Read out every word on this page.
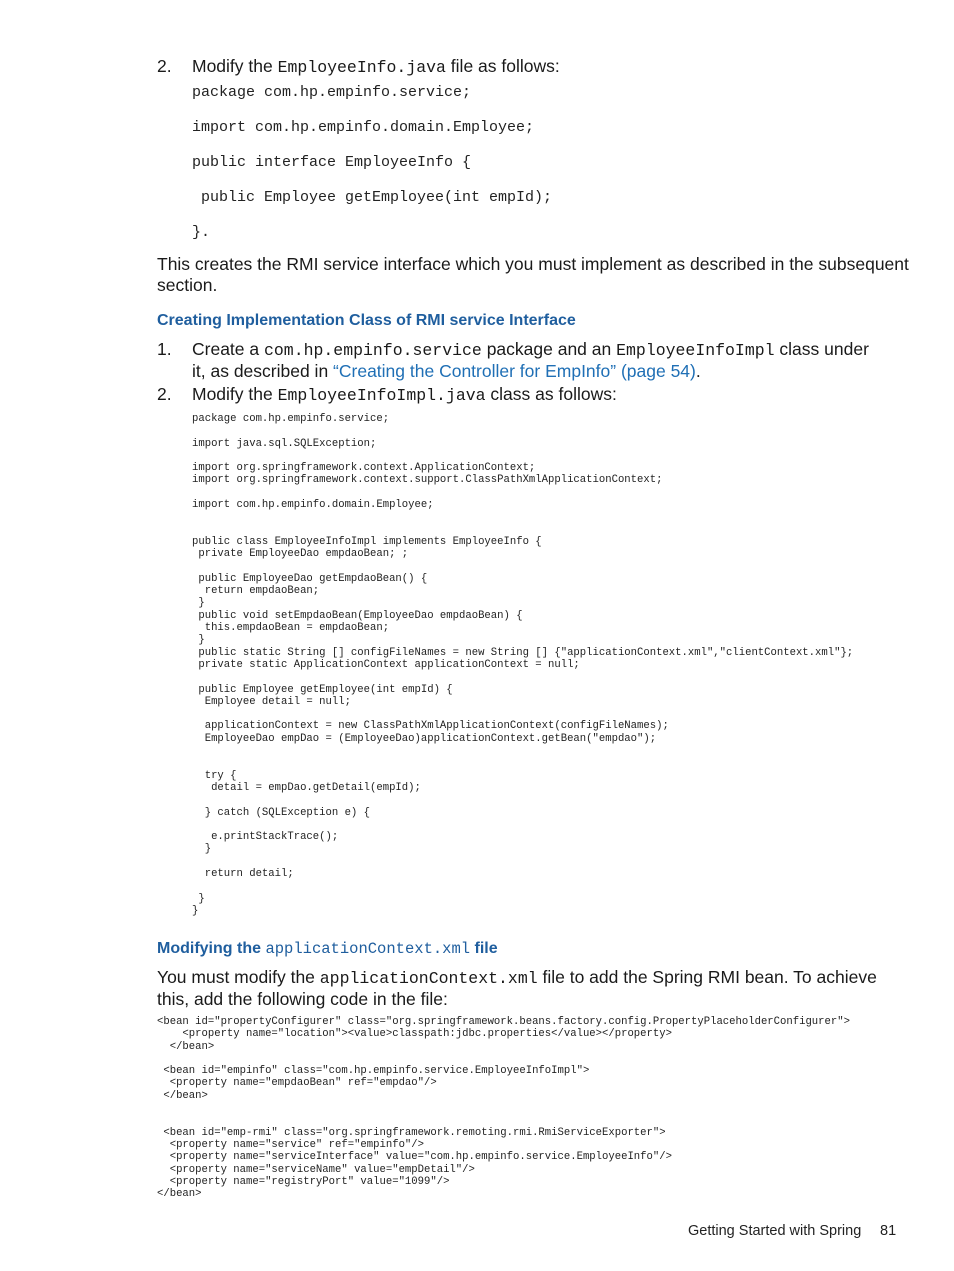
2. Modify the EmployeeInfo.java file as follows:
package com.hp.empinfo.service;
import com.hp.empinfo.domain.Employee;
public interface EmployeeInfo {
public Employee getEmployee(int empId);
}.
This creates the RMI service interface which you must implement as described in the subsequent
section.
Creating Implementation Class of RMI service Interface
1. Create a com.hp.empinfo.service package and an EmployeeInfoImpl class under
it, as described in “Creating the Controller for EmpInfo” (page 54).
2. Modify the EmployeeInfoImpl.java class as follows:
package com.hp.empinfo.service;

import java.sql.SQLException;

import org.springframework.context.ApplicationContext;
import org.springframework.context.support.ClassPathXmlApplicationContext;

import com.hp.empinfo.domain.Employee;

public class EmployeeInfoImpl implements EmployeeInfo {
private EmployeeDao empdaoBean; ;

public EmployeeDao getEmpdaoBean() {
return empdaoBean;
}
public void setEmpdaoBean(EmployeeDao empdaoBean) {
this.empdaoBean = empdaoBean;
}
public static String [] configFileNames = new String [] {"applicationContext.xml","clientContext.xml"};
private static ApplicationContext applicationContext = null;

public Employee getEmployee(int empId) {
Employee detail = null;

applicationContext = new ClassPathXmlApplicationContext(configFileNames);
EmployeeDao empDao = (EmployeeDao)applicationContext.getBean("empdao");

try {
detail = empDao.getDetail(empId);

} catch (SQLException e) {

e.printStackTrace();
}

return detail;

}
}
Modifying the applicationContext.xml file
You must modify the applicationContext.xml file to add the Spring RMI bean. To achieve
this, add the following code in the file:
<bean id="propertyConfigurer" class="org.springframework.beans.factory.config.PropertyPlaceholderConfigurer">
<property name="location"><value>classpath:jdbc.properties</value></property>
</bean>

<bean id="empinfo" class="com.hp.empinfo.service.EmployeeInfoImpl">
<property name="empdaoBean" ref="empdao"/>
</bean>

<bean id="emp-rmi" class="org.springframework.remoting.rmi.RmiServiceExporter">
<property name="service" ref="empinfo"/>
<property name="serviceInterface" value="com.hp.empinfo.service.EmployeeInfo"/>
<property name="serviceName" value="empDetail"/>
<property name="registryPort" value="1099"/>
</bean>
Getting Started with Spring 81
